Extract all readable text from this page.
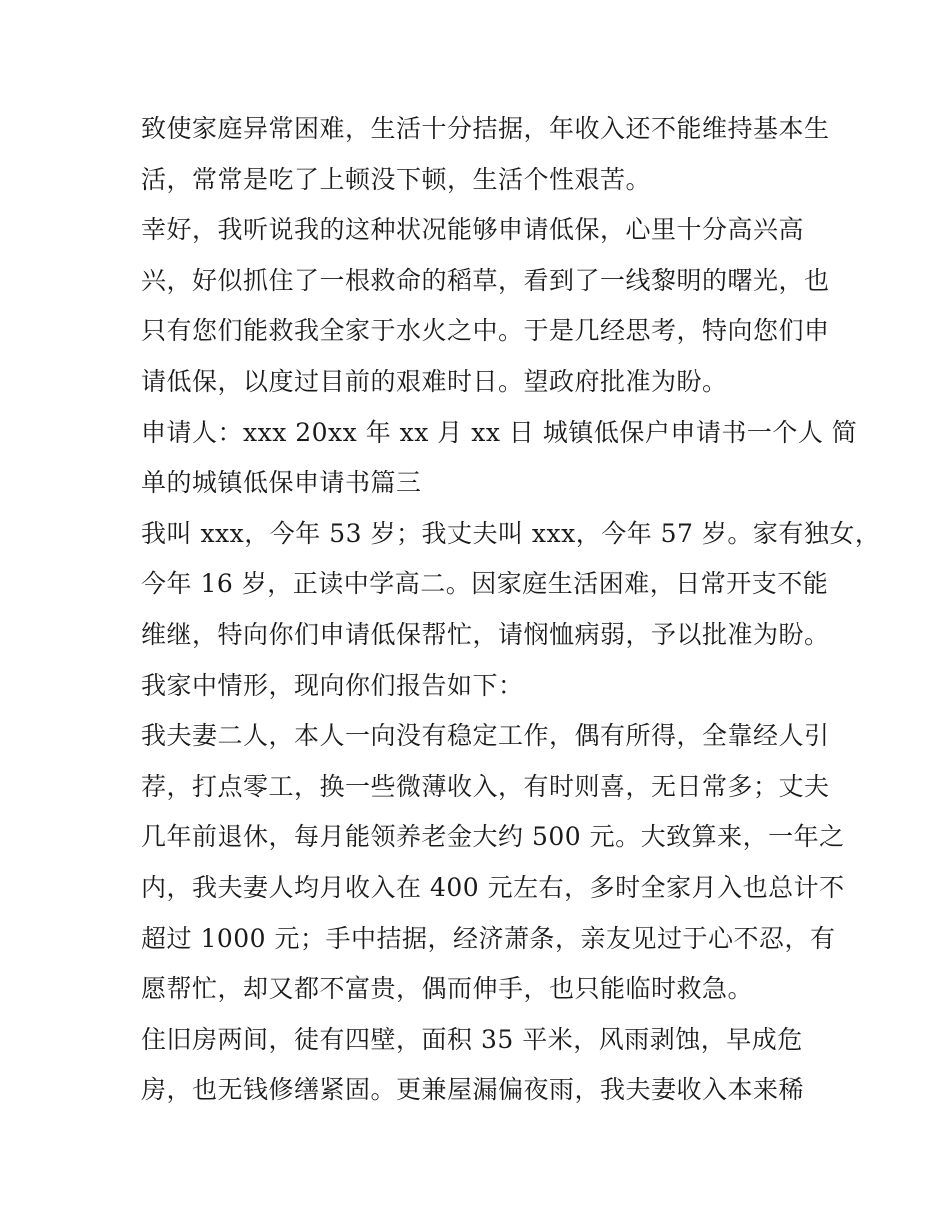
致使家庭异常困难，生活十分拮据，年收入还不能维持基本生
活，常常是吃了上顿没下顿，生活个性艰苦。
幸好，我听说我的这种状况能够申请低保，心里十分高兴高
兴，好似抓住了一根救命的稻草，看到了一线黎明的曙光，也
只有您们能救我全家于水火之中。于是几经思考，特向您们申
请低保，以度过目前的艰难时日。望政府批准为盼。
申请人：xxx 20xx 年 xx 月 xx 日 城镇低保户申请书一个人 简
单的城镇低保申请书篇三
我叫 xxx，今年 53 岁；我丈夫叫 xxx，今年 57 岁。家有独女，
今年 16 岁，正读中学高二。因家庭生活困难，日常开支不能
维继，特向你们申请低保帮忙，请悯恤病弱，予以批准为盼。
我家中情形，现向你们报告如下：
我夫妻二人，本人一向没有稳定工作，偶有所得，全靠经人引
荐，打点零工，换一些微薄收入，有时则喜，无日常多；丈夫
几年前退休，每月能领养老金大约 500 元。大致算来，一年之
内，我夫妻人均月收入在 400 元左右，多时全家月入也总计不
超过 1000 元；手中拮据，经济萧条，亲友见过于心不忍，有
愿帮忙，却又都不富贵，偶而伸手，也只能临时救急。
住旧房两间，徒有四壁，面积 35 平米，风雨剥蚀，早成危
房，也无钱修缮紧固。更兼屋漏偏夜雨，我夫妻收入本来稀
